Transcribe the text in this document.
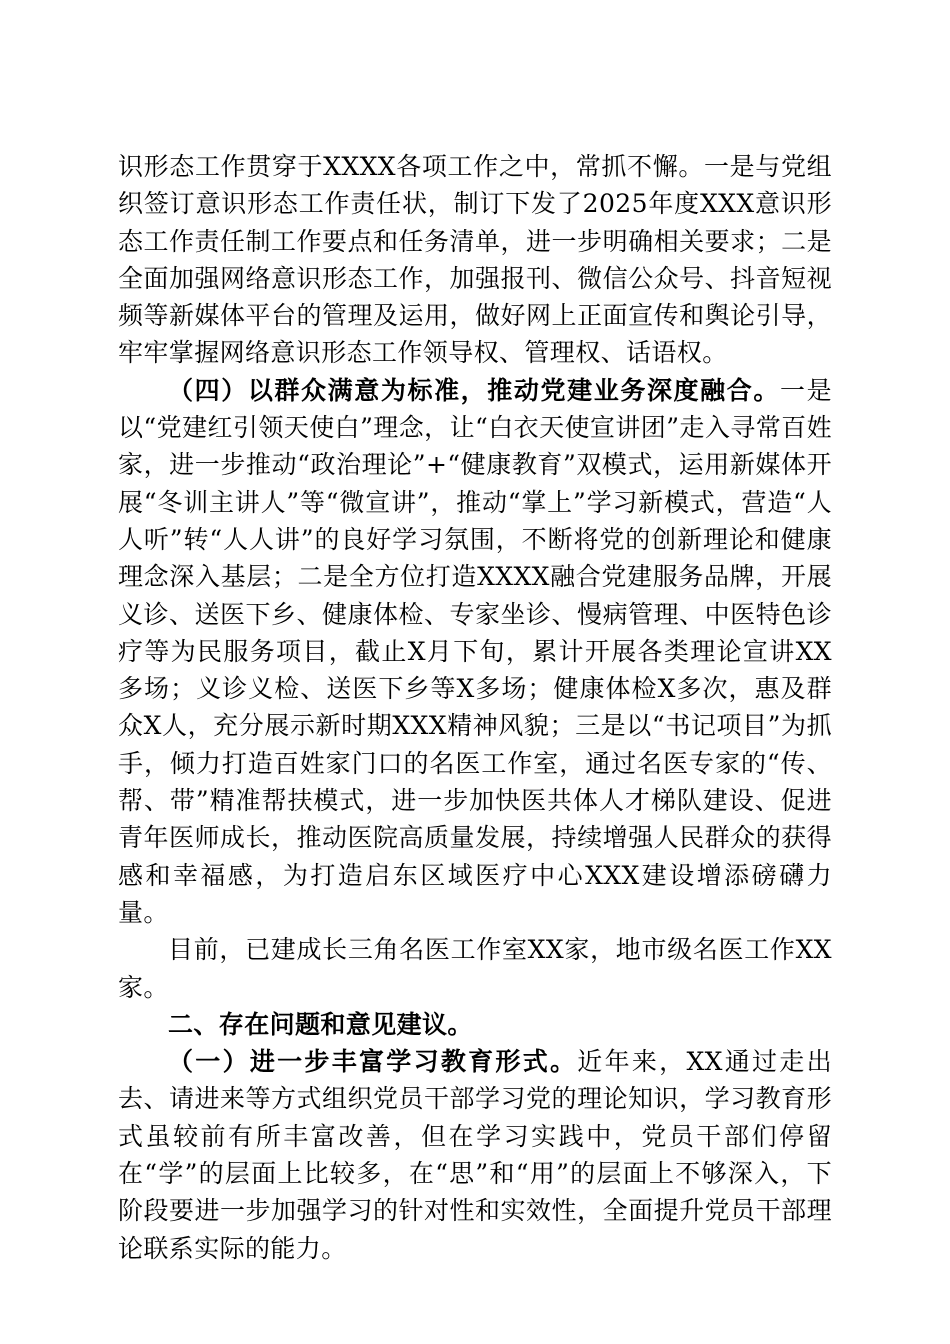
识形态工作贯穿于XXXX各项工作之中，常抓不懈。一是与党组织签订意识形态工作责任状，制订下发了2025年度XXX意识形态工作责任制工作要点和任务清单，进一步明确相关要求；二是全面加强网络意识形态工作，加强报刊、微信公众号、抖音短视频等新媒体平台的管理及运用，做好网上正面宣传和舆论引导，牢牢掌握网络意识形态工作领导权、管理权、话语权。

（四）以群众满意为标准，推动党建业务深度融合。一是以“党建红引领天使白”理念，让“白衣天使宣讲团”走入寻常百姓家，进一步推动“政治理论”+“健康教育”双模式，运用新媒体开展“冬训主讲人”等“微宣讲”，推动“掌上”学习新模式，营造“人人听”转“人人讲”的良好学习氛围，不断将党的创新理论和健康理念深入基层；二是全方位打造XXXX融合党建服务品牌，开展义诊、送医下乡、健康体检、专家坐诊、慢病管理、中医特色诊疗等为民服务项目，截止X月下旬，累计开展各类理论宣讲XX多场；义诊义检、送医下乡等X多场；健康体检X多次，惠及群众X人，充分展示新时期XXX精神风貌；三是以“书记项目”为抓手，倾力打造百姓家门口的名医工作室，通过名医专家的“传、帮、带”精准帮扶模式，进一步加快医共体人才梯队建设、促进青年医师成长，推动医院高质量发展，持续增强人民群众的获得感和幸福感，为打造启东区域医疗中心XXX建设增添磅礴力量。

目前，已建成长三角名医工作室XX家，地市级名医工作XX家。

二、存在问题和意见建议。

（一）进一步丰富学习教育形式。近年来，XX通过走出去、请进来等方式组织党员干部学习党的理论知识，学习教育形式虽较前有所丰富改善，但在学习实践中，党员干部们停留在“学”的层面上比较多，在“思”和“用”的层面上不够深入，下阶段要进一步加强学习的针对性和实效性，全面提升党员干部理论联系实际的能力。
